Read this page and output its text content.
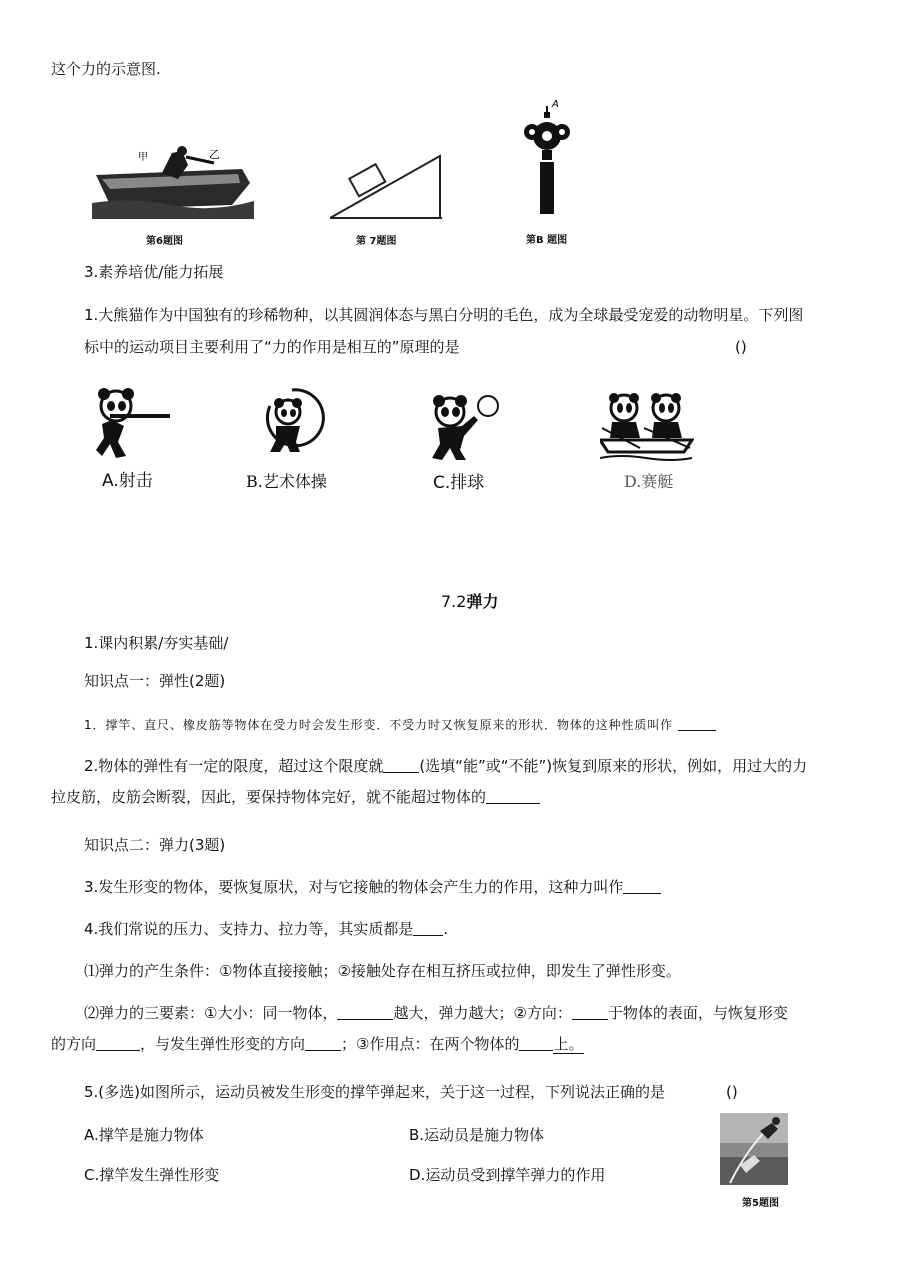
这个力的示意图.
甲	乙
第6题图	第 7题图
A
第B 题图
3.素养培优/能力拓展
1.大熊猫作为中国独有的珍稀物种，以其圆润体态与黑白分明的毛色，成为全球最受宠爱的动物明星。下列图
标中的运动项目主要利用了“力的作用是相互的”原理的是	()
A.射击	B.艺术体操	C.排球	D.赛艇
7.2弹力
1.课内积累/夯实基础/
知识点一：弹性(2题)
1．撑竿、直尺、橡皮筋等物体在受力时会发生形变．不受力时又恢复原来的形状．物体的这种性质叫作
2.物体的弹性有一定的限度，超过这个限度就 (选填“能”或“不能”)恢复到原来的形状，例如，用过大的力
拉皮筋，皮筋会断裂，因此，要保持物体完好，就不能超过物体的
知识点二：弹力(3题)
3.发生形变的物体，要恢复原状，对与它接触的物体会产生力的作用，这种力叫作
4.我们常说的压力、支持力、拉力等，其实质都是 .
⑴弹力的产生条件：①物体直接接触；②接触处存在相互挤压或拉伸，即发生了弹性形变。
⑵弹力的三要素：①大小：同一物体，	越大，弹力越大；②方向： 于物体的表面，与恢复形变
的方向	，与发生弹性形变的方向 ；③作用点：在两个物体的 上。
5.(多选)如图所示，运动员被发生形变的撑竿弹起来，关于这一过程，下列说法正确的是	()
A.撑竿是施力物体	B.运动员是施力物体
C.撑竿发生弹性形变	D.运动员受到撑竿弹力的作用
第5题图
